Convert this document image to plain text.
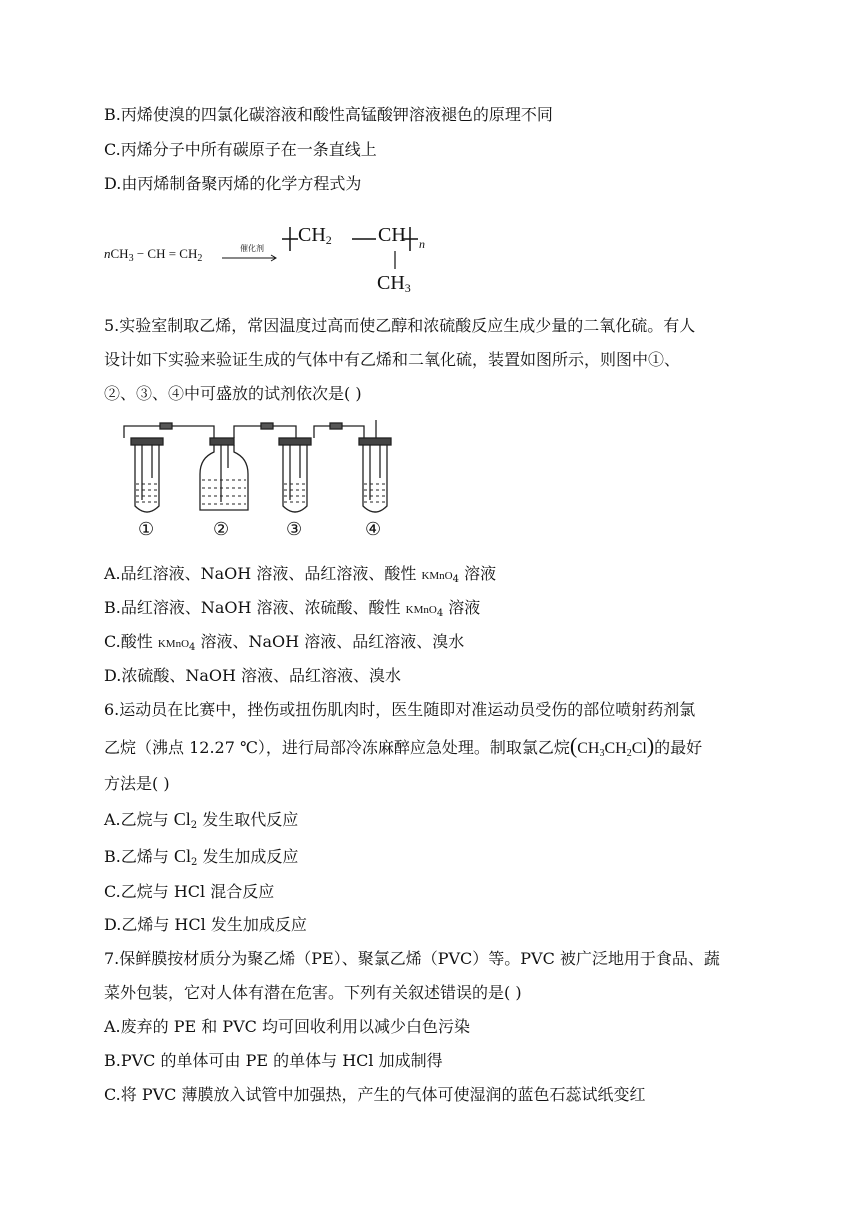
B.丙烯使溴的四氯化碳溶液和酸性高锰酸钾溶液褪色的原理不同
C.丙烯分子中所有碳原子在一条直线上
D.由丙烯制备聚丙烯的化学方程式为
nCH$_3$ − CH = $CH_2$
催化剂
$CH_2$ CH n
$CH_3$
5.实验室制取乙烯，常因温度过高而使乙醇和浓硫酸反应生成少量的二氧化硫。有人
设计如下实验来验证生成的气体中有乙烯和二氧化硫，装置如图所示，则图中①、
②、③、④中可盛放的试剂依次是( )
①	②	③	④
A.品红溶液、NaOH 溶液、品红溶液、酸性 KMnO$_4$ 溶液
B.品红溶液、NaOH 溶液、浓硫酸、酸性 KMnO$_4$ 溶液
C.酸性 KMnO$_4$ 溶液、NaOH 溶液、品红溶液、溴水
D.浓硫酸、NaOH 溶液、品红溶液、溴水
6.运动员在比赛中，挫伤或扭伤肌肉时，医生随即对准运动员受伤的部位喷射药剂氯
乙烷（沸点 12.27 ℃），进行局部冷冻麻醉应急处理。制取氯乙烷$(CH_3CH_2Cl)$的最好
方法是( )
A.乙烷与 $Cl_2$ 发生取代反应
B.乙烯与 $Cl_2$ 发生加成反应
C.乙烷与 HCl 混合反应
D.乙烯与 HCl 发生加成反应
7.保鲜膜按材质分为聚乙烯（PE）、聚氯乙烯（PVC）等。PVC 被广泛地用于食品、蔬
菜外包装，它对人体有潜在危害。下列有关叙述错误的是( )
A.废弃的 PE 和 PVC 均可回收利用以减少白色污染
B.PVC 的单体可由 PE 的单体与 HCl 加成制得
C.将 PVC 薄膜放入试管中加强热，产生的气体可使湿润的蓝色石蕊试纸变红
